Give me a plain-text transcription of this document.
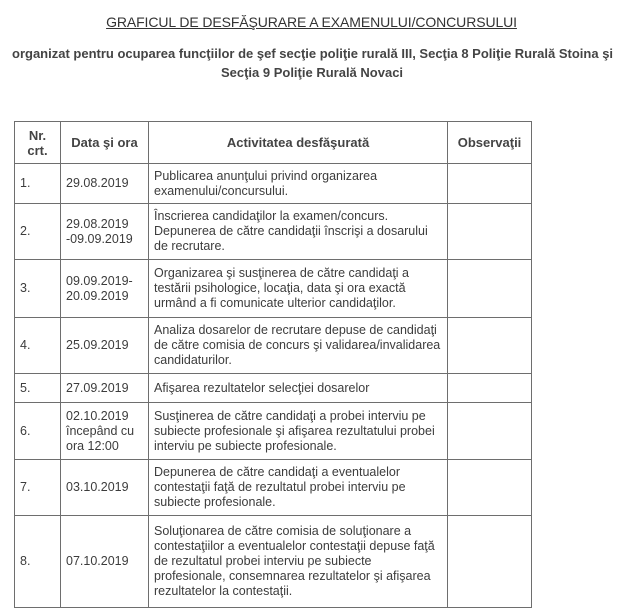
GRAFICUL DE DESFĂŞURARE A EXAMENULUI/CONCURSULUI

organizat pentru ocuparea funcţiilor de şef secţie poliţie rurală III, Secţia 8 Poliţie Rurală Stoina şi
Secţia 9 Poliţie Rurală Novaci

Nr.
crt.	Data şi ora	Activitatea desfăşurată	Observaţii
1.	29.08.2019	Publicarea anunţului privind organizarea
examenului/concursului.	

2.	29.08.2019
-09.09.2019	Înscrierea candidaţilor la examen/concurs.
Depunerea de către candidaţii înscrişi a dosarului
de recrutare.	

3.	09.09.2019-
20.09.2019	Organizarea şi susţinerea de către candidaţi a
testării psihologice, locaţia, data şi ora exactă
urmând a fi comunicate ulterior candidaţilor.	

4.	25.09.2019	Analiza dosarelor de recrutare depuse de candidaţi
de către comisia de concurs şi validarea/invalidarea
candidaturilor.	

5.	27.09.2019	Afişarea rezultatelor selecţiei dosarelor	

6.	02.10.2019
începând cu
ora 12:00	Susţinerea de către candidaţi a probei interviu pe
subiecte profesionale şi afişarea rezultatului probei
interviu pe subiecte profesionale.	

7.	03.10.2019	Depunerea de către candidaţi a eventualelor
contestaţii faţă de rezultatul probei interviu pe
subiecte profesionale.	

8.	07.10.2019	Soluţionarea de către comisia de soluţionare a
contestaţiilor a eventualelor contestaţii depuse faţă
de rezultatul probei interviu pe subiecte
profesionale, consemnarea rezultatelor şi afişarea
rezultatelor la contestaţii.	
